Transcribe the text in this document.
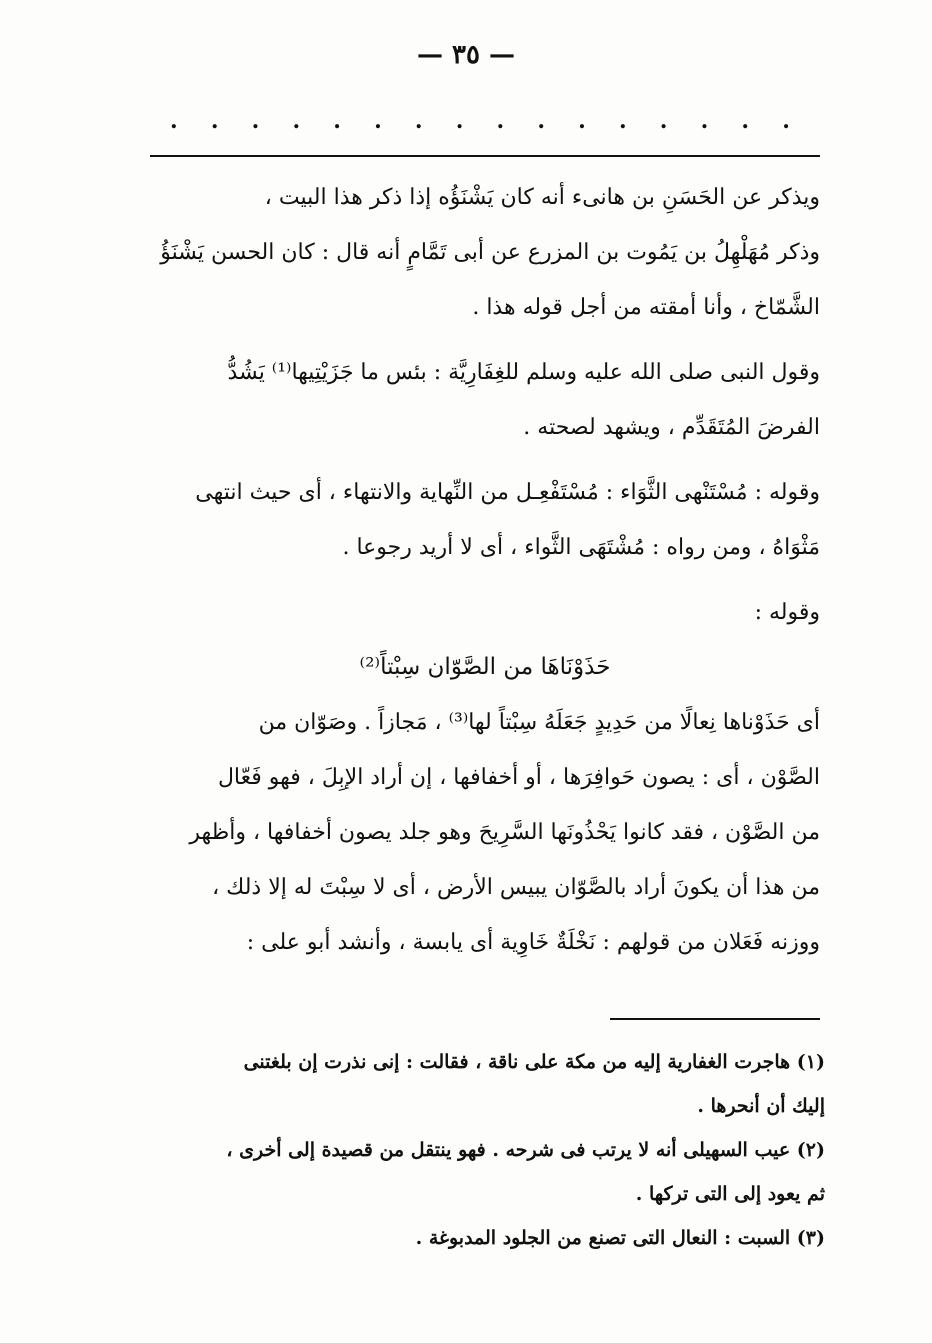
— ٣٥ —
. . . . . . . . . . . . . . . .

ويذكر عن الحَسَنِ بن هانىء أنه كان يَشْنَؤُه إذا ذكر هذا البيت ،

وذكر مُهَلْهِلُ بن يَمُوت بن المزرع عن أبى تَمَّامٍ أنه قال : كان الحسن يَشْنَؤُ

الشَّمّاخ ، وأنا أمقته من أجل قوله هذا .

وقول النبى صلى الله عليه وسلم للغِفَارِيَّة : بئس ما جَزَيْتِيها⁽¹⁾ يَشُدُّ

الفرضَ المُتَقَدِّم ، ويشهد لصحته .

وقوله : مُسْتَنْهى الثَّوَاء : مُسْتَفْعِـل من النِّهاية والانتهاء ، أى حيث انتهى

مَثْوَاهُ ، ومن رواه : مُشْتَهَى الثَّواء ، أى لا أريد رجوعا .

وقوله :

حَذَوْنَاهَا من الصَّوّان سِبْتاً⁽²⁾

أى حَذَوْناها نِعالًا من حَدِيدٍ جَعَلَهُ سِبْتاً لها⁽³⁾ ، مَجازاً . وصَوّان من

الصَّوْن ، أى : يصون حَوافِرَها ، أو أخفافها ، إن أراد الإبِلَ ، فهو فَعّال

من الصَّوْن ، فقد كانوا يَحْذُونَها السَّرِيحَ وهو جلد يصون أخفافها ، وأظهر

من هذا أن يكونَ أراد بالصَّوّان يبيس الأرض ، أى لا سِبْتَ له إلا ذلك ،

ووزنه فَعَلان من قولهم : نَخْلَةٌ خَاوِية أى يابسة ، وأنشد أبو على :

(١) هاجرت الغفارية إليه من مكة على ناقة ، فقالت : إنى نذرت إن بلغتنى

إليك أن أنحرها .

(٢) عيب السهيلى أنه لا يرتب فى شرحه . فهو ينتقل من قصيدة إلى أخرى ،

ثم يعود إلى التى تركها .

(٣) السبت : النعال التى تصنع من الجلود المدبوغة .
